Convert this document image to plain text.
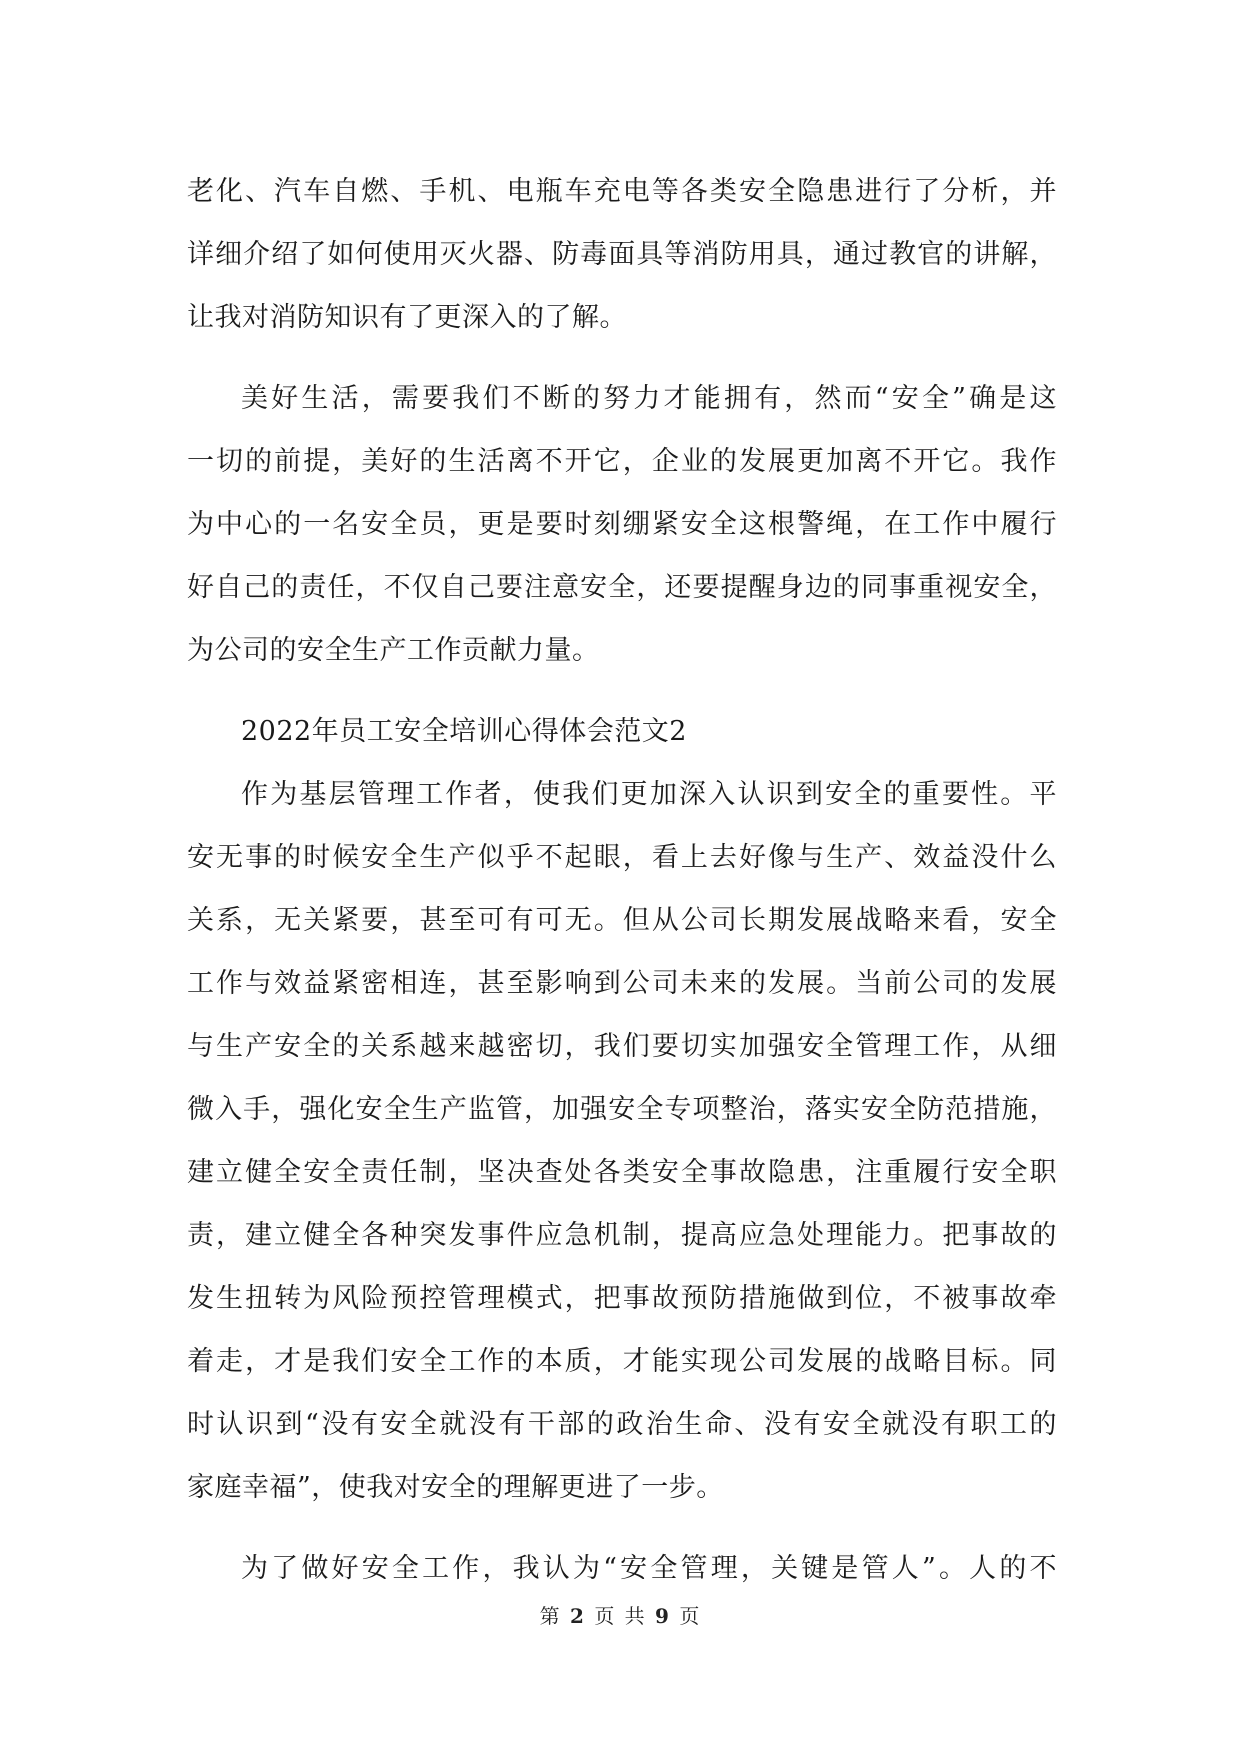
老化、汽车自燃、手机、电瓶车充电等各类安全隐患进行了分析，并
详细介绍了如何使用灭火器、防毒面具等消防用具，通过教官的讲解，
让我对消防知识有了更深入的了解。
美好生活，需要我们不断的努力才能拥有，然而“安全”确是这
一切的前提，美好的生活离不开它，企业的发展更加离不开它。我作
为中心的一名安全员，更是要时刻绷紧安全这根警绳，在工作中履行
好自己的责任，不仅自己要注意安全，还要提醒身边的同事重视安全，
为公司的安全生产工作贡献力量。
2022年员工安全培训心得体会范文2
作为基层管理工作者，使我们更加深入认识到安全的重要性。平
安无事的时候安全生产似乎不起眼，看上去好像与生产、效益没什么
关系，无关紧要，甚至可有可无。但从公司长期发展战略来看，安全
工作与效益紧密相连，甚至影响到公司未来的发展。当前公司的发展
与生产安全的关系越来越密切，我们要切实加强安全管理工作，从细
微入手，强化安全生产监管，加强安全专项整治，落实安全防范措施，
建立健全安全责任制，坚决查处各类安全事故隐患，注重履行安全职
责，建立健全各种突发事件应急机制，提高应急处理能力。把事故的
发生扭转为风险预控管理模式，把事故预防措施做到位，不被事故牵
着走，才是我们安全工作的本质，才能实现公司发展的战略目标。同
时认识到“没有安全就没有干部的政治生命、没有安全就没有职工的
家庭幸福”，使我对安全的理解更进了一步。
为了做好安全工作，我认为“安全管理，关键是管人”。人的不
第 2 页 共 9 页
